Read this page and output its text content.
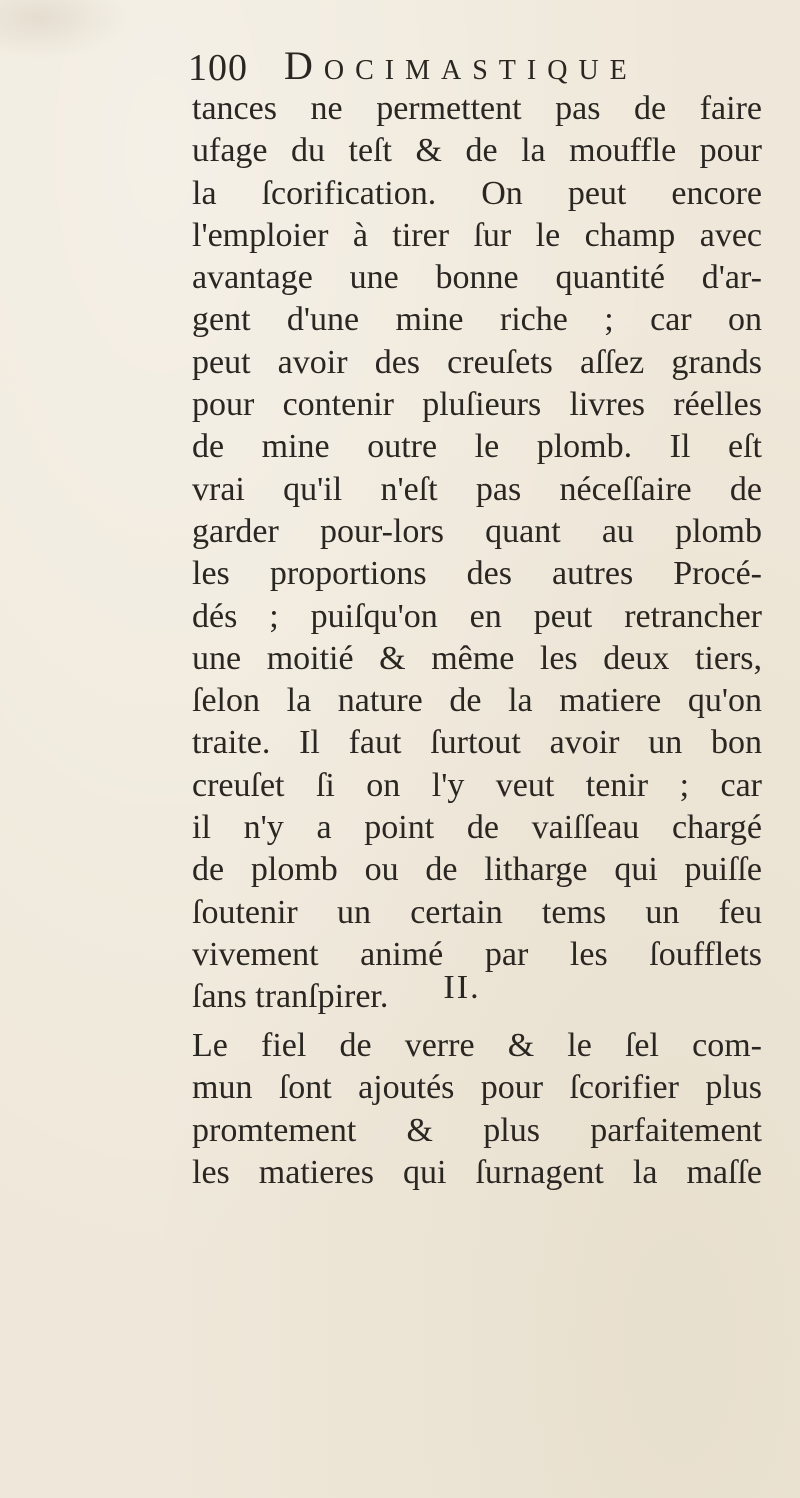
100 DOCIMASTIQUE
tances ne permettent pas de faire
ufage du teſt & de la mouffle pour
la ſcorification. On peut encore
l'emploier à tirer ſur le champ avec
avantage une bonne quantité d'ar-
gent d'une mine riche ; car on
peut avoir des creuſets aſſez grands
pour contenir pluſieurs livres réelles
de mine outre le plomb. Il eſt
vrai qu'il n'eſt pas néceſſaire de
garder pour-lors quant au plomb
les proportions des autres Procé-
dés ; puiſqu'on en peut retrancher
une moitié & même les deux tiers,
ſelon la nature de la matiere qu'on
traite. Il faut ſurtout avoir un bon
creuſet ſi on l'y veut tenir ; car
il n'y a point de vaiſſeau chargé
de plomb ou de litharge qui puiſſe
ſoutenir un certain tems un feu
vivement animé par les ſoufflets
ſans tranſpirer.	II.
Le fiel de verre & le ſel com-
mun ſont ajoutés pour ſcorifier plus
promtement & plus parfaitement
les matieres qui ſurnagent la maſſe
